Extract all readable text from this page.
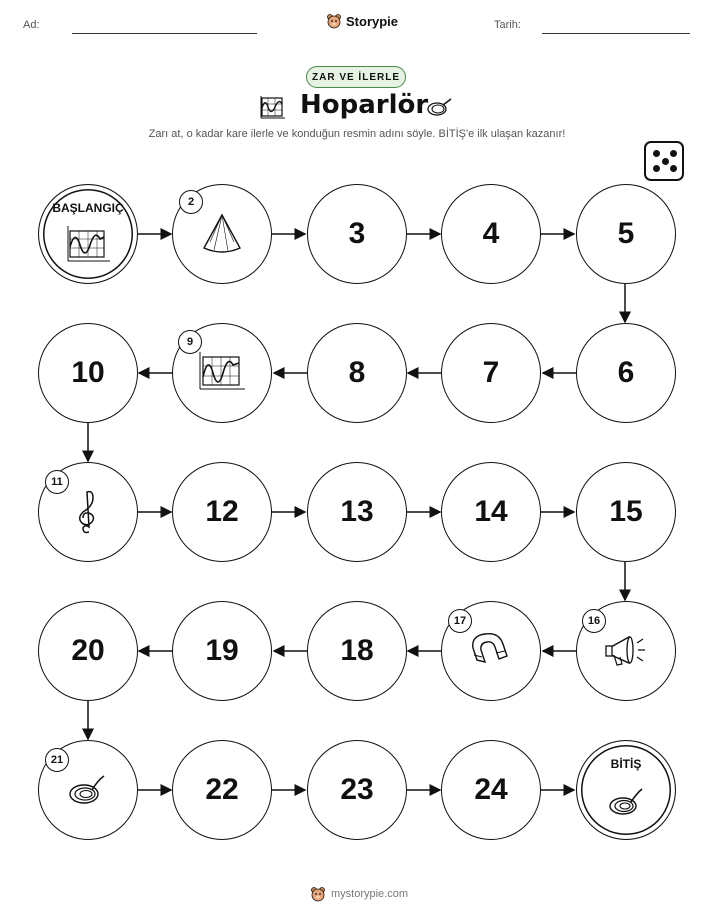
Ad:	Storypie	Tarih:
ZAR VE İLERLE
Hoparlör
Zarı at, o kadar kare ilerle ve konduğun resmin adını söyle. BİTİŞ'e ilk ulaşan kazanır!
BAŞLANGIÇ	2
3	4	5
10
9
8	7	6
11
12	13	14	15
20	19	18
17	16
21
22	23	24
BİTİŞ
mystorypie.com
